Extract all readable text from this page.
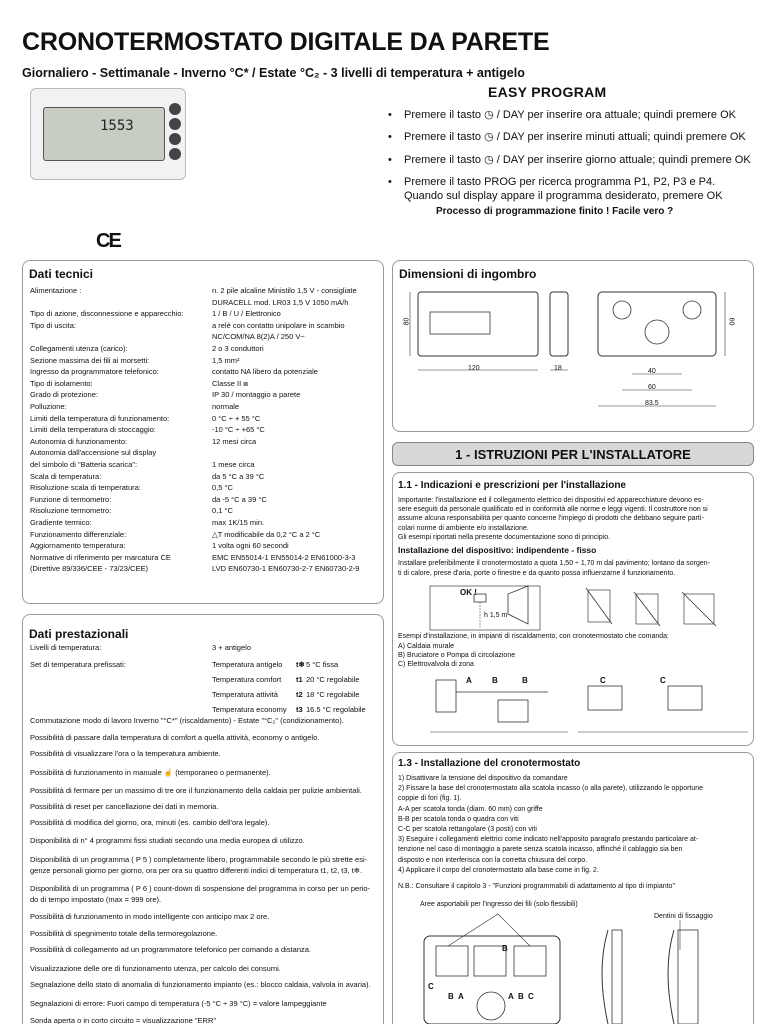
CRONOTERMOSTATO DIGITALE DA PARETE
Giornaliero - Settimanale - Inverno °C* / Estate °C₂ - 3 livelli di temperatura + antigelo
1553
CE
EASY PROGRAM
• Premere il tasto ◷ / DAY per inserire ora attuale; quindi premere OK
• Premere il tasto ◷ / DAY per inserire minuti attuali; quindi premere OK
• Premere il tasto ◷ / DAY per inserire giorno attuale; quindi premere OK
• Premere il tasto PROG per ricerca programma P1, P2, P3 e P4.
Quando sul display appare il programma desiderato, premere OK
Processo di programmazione finito ! Facile vero ?
Dati tecnici
Alimentazione :	n. 2 pile alcaline Ministilo 1,5 V - consigliate
DURACELL mod. LR03 1,5 V 1050 mA/h
Tipo di azione, disconnessione e apparecchio:	1 / B / U / Elettronico
Tipo di uscita:	a relè con contatto unipolare in scambio
NC/COM/NA 8(2)A / 250 V~
Collegamenti utenza (carico):	2 o 3 conduttori
Sezione massima dei fili ai morsetti:	1,5 mm²
Ingresso da programmatore telefonico:	contatto NA libero da potenziale
Tipo di isolamento:	Classe II ⧈
Grado di protezione:	IP 30 / montaggio a parete
Polluzione:	normale
Limiti della temperatura di funzionamento:	0 °C ÷ + 55 °C
Limiti della temperatura di stoccaggio:	-10 °C ÷ +65 °C
Autonomia di funzionamento:	12 mesi circa
Autonomia dall'accensione sul display
del simbolo di "Batteria scarica":	1 mese circa
Scala di temperatura:	da 5 °C a 39 °C
Risoluzione scala di temperatura:	0,5 °C
Funzione di termometro:	da -5 °C a 39 °C
Risoluzione termometro:	0,1 °C
Gradiente termico:	max 1K/15 min.
Funzionamento differenziale:	△T modificabile da 0,2 °C a 2 °C
Aggiornamento temperatura:	1 volta ogni 60 secondi
Normative di riferimento per marcatura CE	EMC EN55014-1 EN55014-2 EN61000-3-3
(Direttive 89/336/CEE - 73/23/CEE)	LVD EN60730-1 EN60730-2-7 EN60730-2-9
Dati prestazionali
Livelli di temperatura:	3 + antigelo
Set di temperatura prefissati:	Temperatura antigelo t❄ 5 °C fissa
Temperatura comfort t1 20 °C regolabile
Temperatura attività t2 18 °C regolabile
Temperatura economy t3 16.5 °C regolabile
Commutazione modo di lavoro Inverno "°C*" (riscaldamento) - Estate "°C₂" (condizionamento).
Possibilità di passare dalla temperatura di comfort a quella attività, economy o antigelo.
Possibilità di visualizzare l'ora o la temperatura ambiente.
Possibilità di funzionamento in manuale ☝ (temporaneo o permanente).
Possibilità di fermare per un massimo di tre ore il funzionamento della caldaia per pulizie ambientali.
Possibilità di reset per cancellazione dei dati in memoria.
Possibilità di modifica del giorno, ora, minuti (es. cambio dell'ora legale).
Disponibilità di n° 4 programmi fissi studiati secondo una media europea di utilizzo.
Disponibilità di un programma ( P 5 ) completamente libero, programmabile secondo le più strette esi-
genze personali giorno per giorno, ora per ora su quattro differenti indici di temperatura t1, t2, t3, t❄.
Disponibilità di un programma ( P 6 ) count-down di sospensione del programma in corso per un perio-
do di tempo impostato (max = 999 ore).
Possibilità di funzionamento in modo intelligente con anticipo max 2 ore.
Possibilità di spegnimento totale della termoregolazione.
Possibilità di collegamento ad un programmatore telefonico per comando a distanza.
Visualizzazione delle ore di funzionamento utenza, per calcolo dei consumi.
Segnalazione dello stato di anomalia di funzionamento impianto (es.: blocco caldaia, valvola in avaria).
Segnalazioni di errore: Fuori campo di temperatura (-5 °C ÷ 39 °C) = valore lampeggiante
Sonda aperta o in corto circuito = visualizzazione "ERR"
Dimensioni di ingombro
80
120	18
60
40
60
83.5
1 - ISTRUZIONI PER L'INSTALLATORE
1.1 - Indicazioni e prescrizioni per l'installazione
Importante: l'installazione ed il collegamento elettrico dei dispositivi ed apparecchiature devono es-
sere eseguiti da personale qualificato ed in conformità alle norme e leggi vigenti. Il costruttore non si
assume alcuna responsabilità per quanto concerne l'impiego di prodotti che debbano seguire partì-
colari norme di ambiente e/o installazione.
Gli esempi riportati nella presente documentazione sono di principio.
Installazione del dispositivo: indipendente - fisso
Installare preferibilmente il cronotermostato a quota 1,50 ÷ 1,70 m dal pavimento; lontano da sorgen-
ti di calore, prese d'aria, porte o finestre e da quanto possa influenzarne il funzionamento.
OK !
h 1,5 m
Esempi d'installazione, in impianti di riscaldamento, con cronotermostato che comanda:
A) Caldaia murale
B) Bruciatore o Pompa di circolazione
C) Elettrovalvola di zona
A	B	B	C	C
1.3 - Installazione del cronotermostato
1) Disattivare la tensione del dispositivo da comandare
2) Fissare la base del cronotermostato alla scatola incasso (o alla parete), utilizzando le opportune
coppie di fori (fig. 1).
A-A per scatola tonda (diam. 60 mm) con griffe
B-B per scatola tonda o quadra con viti
C-C per scatola rettangolare (3 posti) con viti
3) Eseguire i collegamenti elettrici come indicato nell'apposito paragrafo prestando particolare at-
tenzione nel caso di montaggio a parete senza scatola incasso, affinché il cablaggio sia ben
disposto e non interferisca con la corretta chiusura del corpo.
4) Applicare il corpo del cronotermostato alla base come in fig. 2.
N.B.: Consultare il capitolo 3 - "Funzioni programmabili di adattamento al tipo di impianto"
Aree asportabili per l'ingresso dei fili (solo flessibili)
Dentini di fissaggio
B
C
B A	A B C
